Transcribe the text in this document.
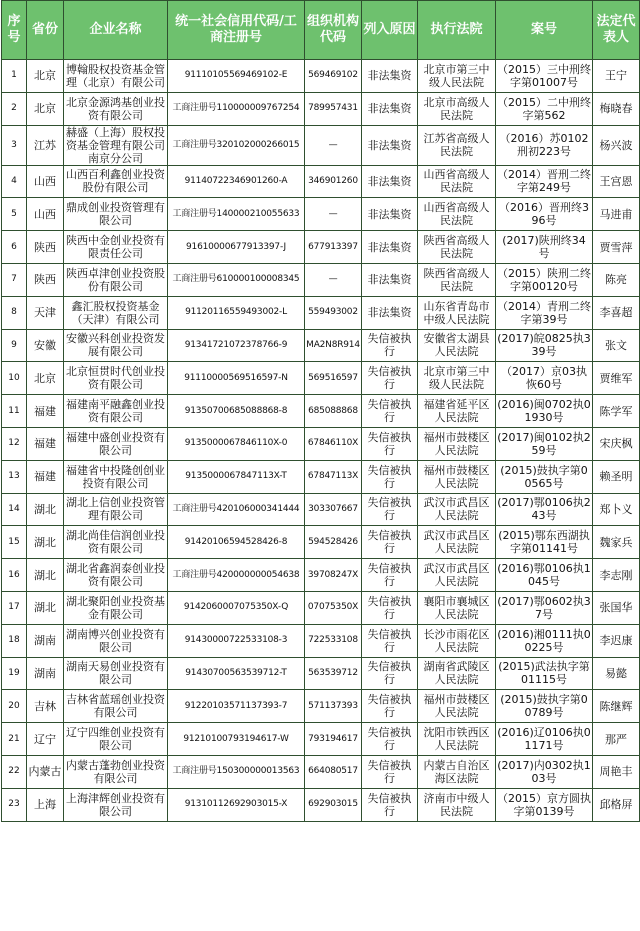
序号	省份	企业名称	统一社会信用代码/工商注册号	组织机构代码	列入原因	执行法院	案号	法定代表人
1	北京	博翰股权投资基金管理（北京）有限公司	91110105569469102-E	569469102	非法集资	北京市第三中级人民法院	（2015）三中刑终字第01007号	王宁
2	北京	北京金源鸿基创业投资有限公司	工商注册号110000009767254	789957431	非法集资	北京市高级人民法院	（2015）二中刑终字第562	梅晓春
3	江苏	赫盛（上海）股权投资基金管理有限公司南京分公司	工商注册号320102000266015	—	非法集资	江苏省高级人民法院	（2016）苏0102刑初223号	杨兴波
4	山西	山西百利鑫创业投资股份有限公司	91140722346901260-A	346901260	非法集资	山西省高级人民法院	（2014）晋刑二终字第249号	王宫恩
5	山西	鼎成创业投资管理有限公司	工商注册号140000210055633	—	非法集资	山西省高级人民法院	（2016）晋刑终396号	马进甫
6	陕西	陕西中金创业投资有限责任公司	91610000677913397-J	677913397	非法集资	陕西省高级人民法院	(2017)陕刑终34号	贾雪萍
7	陕西	陕西卓津创业投资股份有限公司	工商注册号610000100008345	—	非法集资	陕西省高级人民法院	（2015）陕刑二终字第00120号	陈亮
8	天津	鑫汇股权投资基金（天津）有限公司	91120116559493002-L	559493002	非法集资	山东省青岛市中级人民法院	（2014）青刑二终字第39号	李喜超
9	安徽	安徽兴科创业投资发展有限公司	91341721072378766-9	MA2N8R914	失信被执行	安徽省太湖县人民法院	(2017)皖0825执339号	张文
10	北京	北京恒贯时代创业投资有限公司	91110000569516597-N	569516597	失信被执行	北京市第三中级人民法院	（2017）京03执恢60号	贾维军
11	福建	福建南平融鑫创业投资有限公司	91350700685088868-8	685088868	失信被执行	福建省延平区人民法院	(2016)闽0702执01930号	陈学军
12	福建	福建中盛创业投资有限公司	9135000067846110X-0	67846110X	失信被执行	福州市鼓楼区人民法院	(2017)闽0102执259号	宋庆枫
13	福建	福建省中投隆创创业投资有限公司	9135000067847113X-T	67847113X	失信被执行	福州市鼓楼区人民法院	(2015)鼓执字第00565号	赖圣明
14	湖北	湖北上信创业投资管理有限公司	工商注册号420106000341444	303307667	失信被执行	武汉市武昌区人民法院	(2017)鄂0106执243号	郑卜义
15	湖北	湖北尚佳信润创业投资有限公司	91420106594528426-8	594528426	失信被执行	武汉市武昌区人民法院	(2015)鄂东西湖执字第01141号	魏家兵
16	湖北	湖北省鑫润泰创业投资有限公司	工商注册号420000000054638	39708247X	失信被执行	武汉市武昌区人民法院	(2016)鄂0106执1045号	李志刚
17	湖北	湖北聚阳创业投资基金有限公司	9142060007075350X-Q	07075350X	失信被执行	襄阳市襄城区人民法院	(2017)鄂0602执37号	张国华
18	湖南	湖南博兴创业投资有限公司	91430000722533108-3	722533108	失信被执行	长沙市雨花区人民法院	(2016)湘0111执00225号	李迟康
19	湖南	湖南天易创业投资有限公司	91430700563539712-T	563539712	失信被执行	湖南省武陵区人民法院	(2015)武法执字第01115号	易懿
20	吉林	吉林省蓝瑶创业投资有限公司	91220103571137393-7	571137393	失信被执行	福州市鼓楼区人民法院	(2015)鼓执字第00789号	陈继辉
21	辽宁	辽宁四维创业投资有限公司	91210100793194617-W	793194617	失信被执行	沈阳市铁西区人民法院	(2016)辽0106执01171号	那严
22	内蒙古	内蒙古蓬勃创业投资有限公司	工商注册号150300000013563	664080517	失信被执行	内蒙古自治区海区法院	(2017)内0302执103号	周艳丰
23	上海	上海津辉创业投资有限公司	91310112692903015-X	692903015	失信被执行	济南市中级人民法院	（2015）京方圆执字第0139号	邱格屏
